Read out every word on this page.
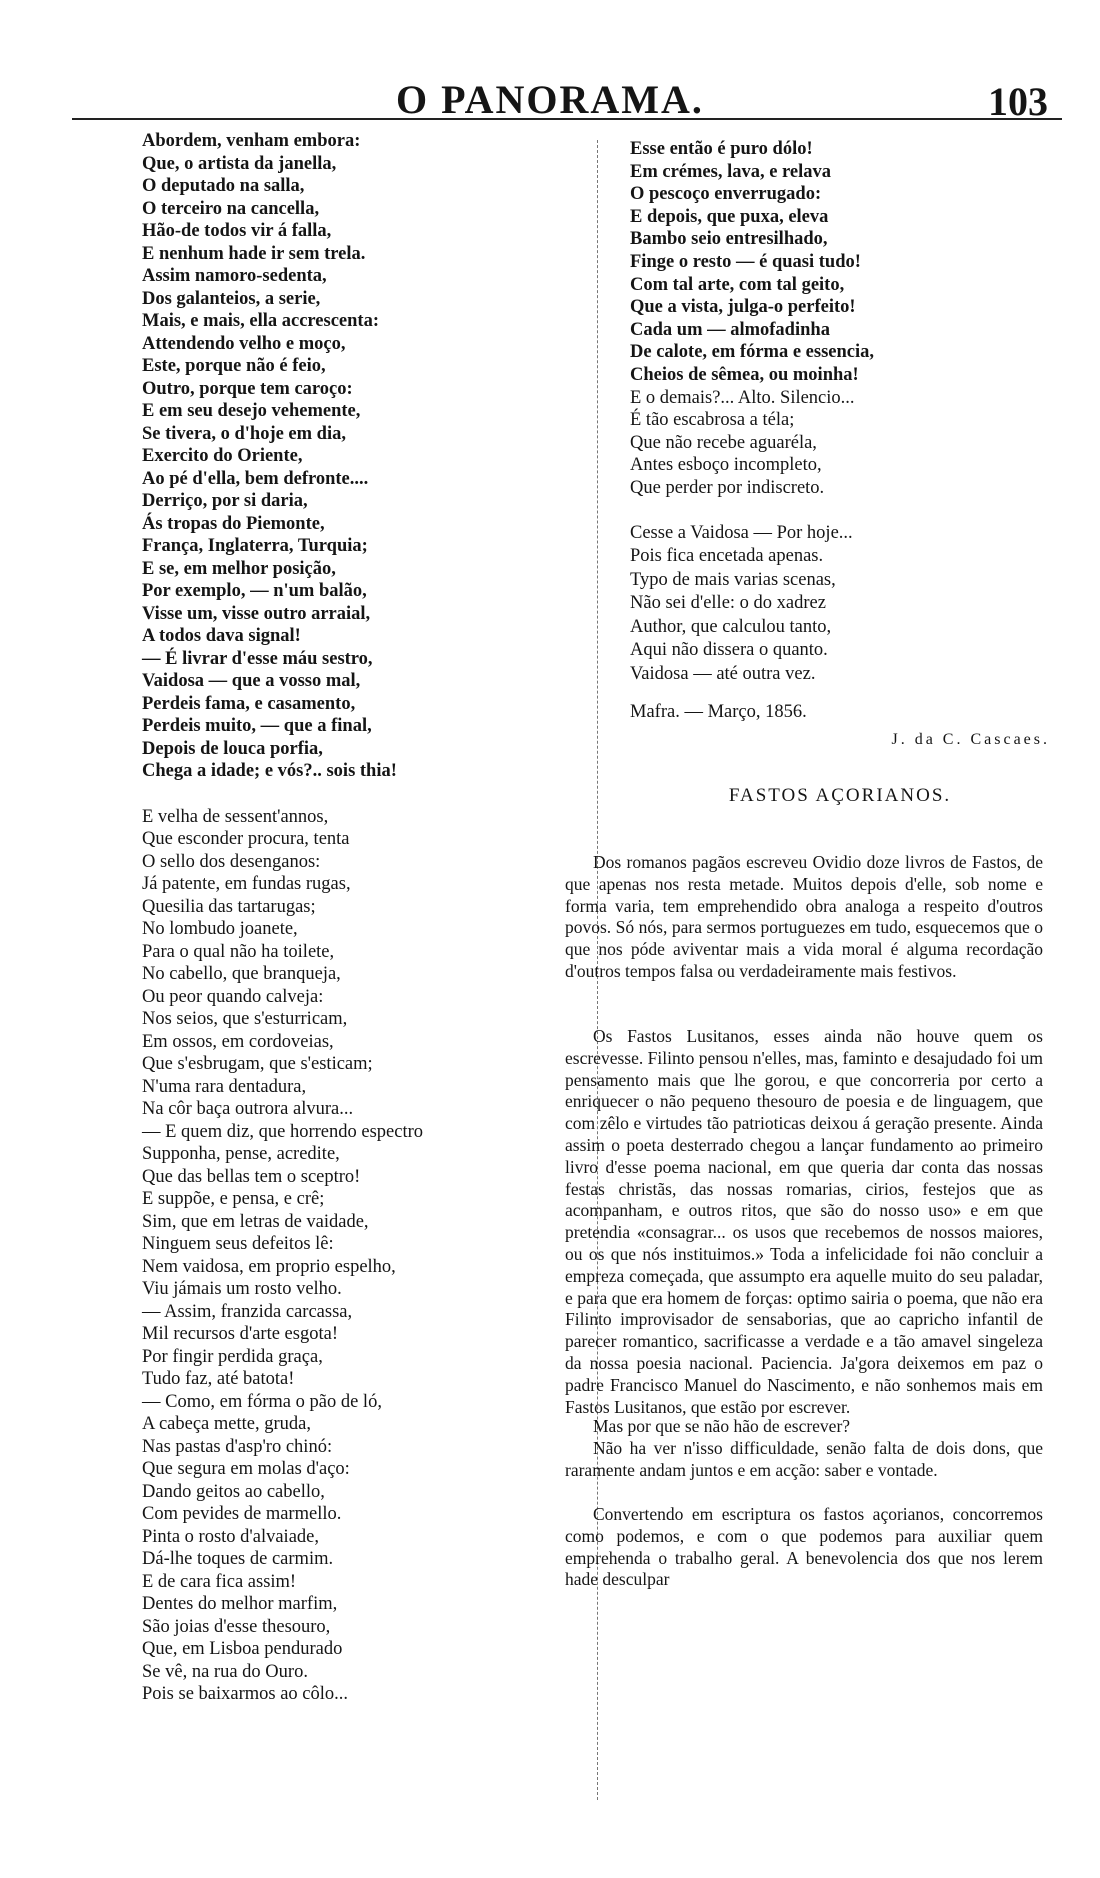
O PANORAMA.	103
Abordem, venham embora:
Que, o artista da janella,
O deputado na salla,
O terceiro na cancella,
Hão-de todos vir á falla,
E nenhum hade ir sem trela.
Assim namoro-sedenta,
Dos galanteios, a serie,
Mais, e mais, ella accrescenta:
Attendendo velho e moço,
Este, porque não é feio,
Outro, porque tem caroço:
E em seu desejo vehemente,
Se tivera, o d'hoje em dia,
Exercito do Oriente,
Ao pé d'ella, bem defronte....
Derriço, por si daria,
Ás tropas do Piemonte,
França, Inglaterra, Turquia;
E se, em melhor posição,
Por exemplo, — n'um balão,
Visse um, visse outro arraial,
A todos dava signal!
— É livrar d'esse máu sestro,
Vaidosa — que a vosso mal,
Perdeis fama, e casamento,
Perdeis muito, — que a final,
Depois de louca porfia,
Chega a idade; e vós?.. sois thia!
E velha de sessent'annos,
Que esconder procura, tenta
O sello dos desenganos:
Já patente, em fundas rugas,
Quesilia das tartarugas;
No lombudo joanete,
Para o qual não ha toilete,
No cabello, que branqueja,
Ou peor quando calveja:
Nos seios, que s'esturricam,
Em ossos, em cordoveias,
Que s'esbrugam, que s'esticam;
N'uma rara dentadura,
Na côr baça outrora alvura...
— E quem diz, que horrendo espectro
Supponha, pense, acredite,
Que das bellas tem o sceptro!
E suppõe, e pensa, e crê;
Sim, que em letras de vaidade,
Ninguem seus defeitos lê:
Nem vaidosa, em proprio espelho,
Viu jámais um rosto velho.
— Assim, franzida carcassa,
Mil recursos d'arte esgota!
Por fingir perdida graça,
Tudo faz, até batota!
— Como, em fórma o pão de ló,
A cabeça mette, gruda,
Nas pastas d'asp'ro chinó:
Que segura em molas d'aço:
Dando geitos ao cabello,
Com pevides de marmello.
Pinta o rosto d'alvaiade,
Dá-lhe toques de carmim.
E de cara fica assim!
Dentes do melhor marfim,
São joias d'esse thesouro,
Que, em Lisboa pendurado
Se vê, na rua do Ouro.
Pois se baixarmos ao côlo...
Esse então é puro dólo!
Em crémes, lava, e relava
O pescoço enverrugado:
E depois, que puxa, eleva
Bambo seio entresilhado,
Finge o resto — é quasi tudo!
Com tal arte, com tal geito,
Que a vista, julga-o perfeito!
Cada um — almofadinha
De calote, em fórma e essencia,
Cheios de sêmea, ou moinha!
E o demais?... Alto. Silencio...
É tão escabrosa a téla;
Que não recebe aguaréla,
Antes esboço incompleto,
Que perder por indiscreto.
Cesse a Vaidosa — Por hoje...
Pois fica encetada apenas.
Typo de mais varias scenas,
Não sei d'elle: o do xadrez
Author, que calculou tanto,
Aqui não dissera o quanto.
Vaidosa — até outra vez.
Mafra. — Março, 1856.
J. da C. Cascaes.
FASTOS AÇORIANOS.

Dos romanos pagãos escreveu Ovidio doze livros de Fastos, de que apenas nos resta metade. Muitos depois d'elle, sob nome e forma varia, tem emprehendido obra analoga a respeito d'outros povos. Só nós, para sermos portuguezes em tudo, esquecemos que o que nos póde aviventar mais a vida moral é alguma recordação d'outros tempos falsa ou verdadeiramente mais festivos.

Os Fastos Lusitanos, esses ainda não houve quem os escrevesse. Filinto pensou n'elles, mas, faminto e desajudado foi um pensamento mais que lhe gorou, e que concorreria por certo a enriquecer o não pequeno thesouro de poesia e de linguagem, que com zêlo e virtudes tão patrioticas deixou á geração presente. Ainda assim o poeta desterrado chegou a lançar fundamento ao primeiro livro d'esse poema nacional, em que queria dar conta das nossas festas christãs, das nossas romarias, cirios, festejos que as acompanham, e outros ritos, que são do nosso uso» e em que pretendia «consagrar... os usos que recebemos de nossos maiores, ou os que nós instituimos.» Toda a infelicidade foi não concluir a empreza começada, que assumpto era aquelle muito do seu paladar, e para que era homem de forças: optimo sairia o poema, que não era Filinto improvisador de sensaborias, que ao capricho infantil de parecer romantico, sacrificasse a verdade e a tão amavel singeleza da nossa poesia nacional. Paciencia. Ja'gora deixemos em paz o padre Francisco Manuel do Nascimento, e não sonhemos mais em Fastos Lusitanos, que estão por escrever.

Mas por que se não hão de escrever?

Não ha ver n'isso difficuldade, senão falta de dois dons, que raramente andam juntos e em acção: saber e vontade.

Convertendo em escriptura os fastos açorianos, concorremos como podemos, e com o que podemos para auxiliar quem emprehenda o trabalho geral. A benevolencia dos que nos lerem hade desculpar
